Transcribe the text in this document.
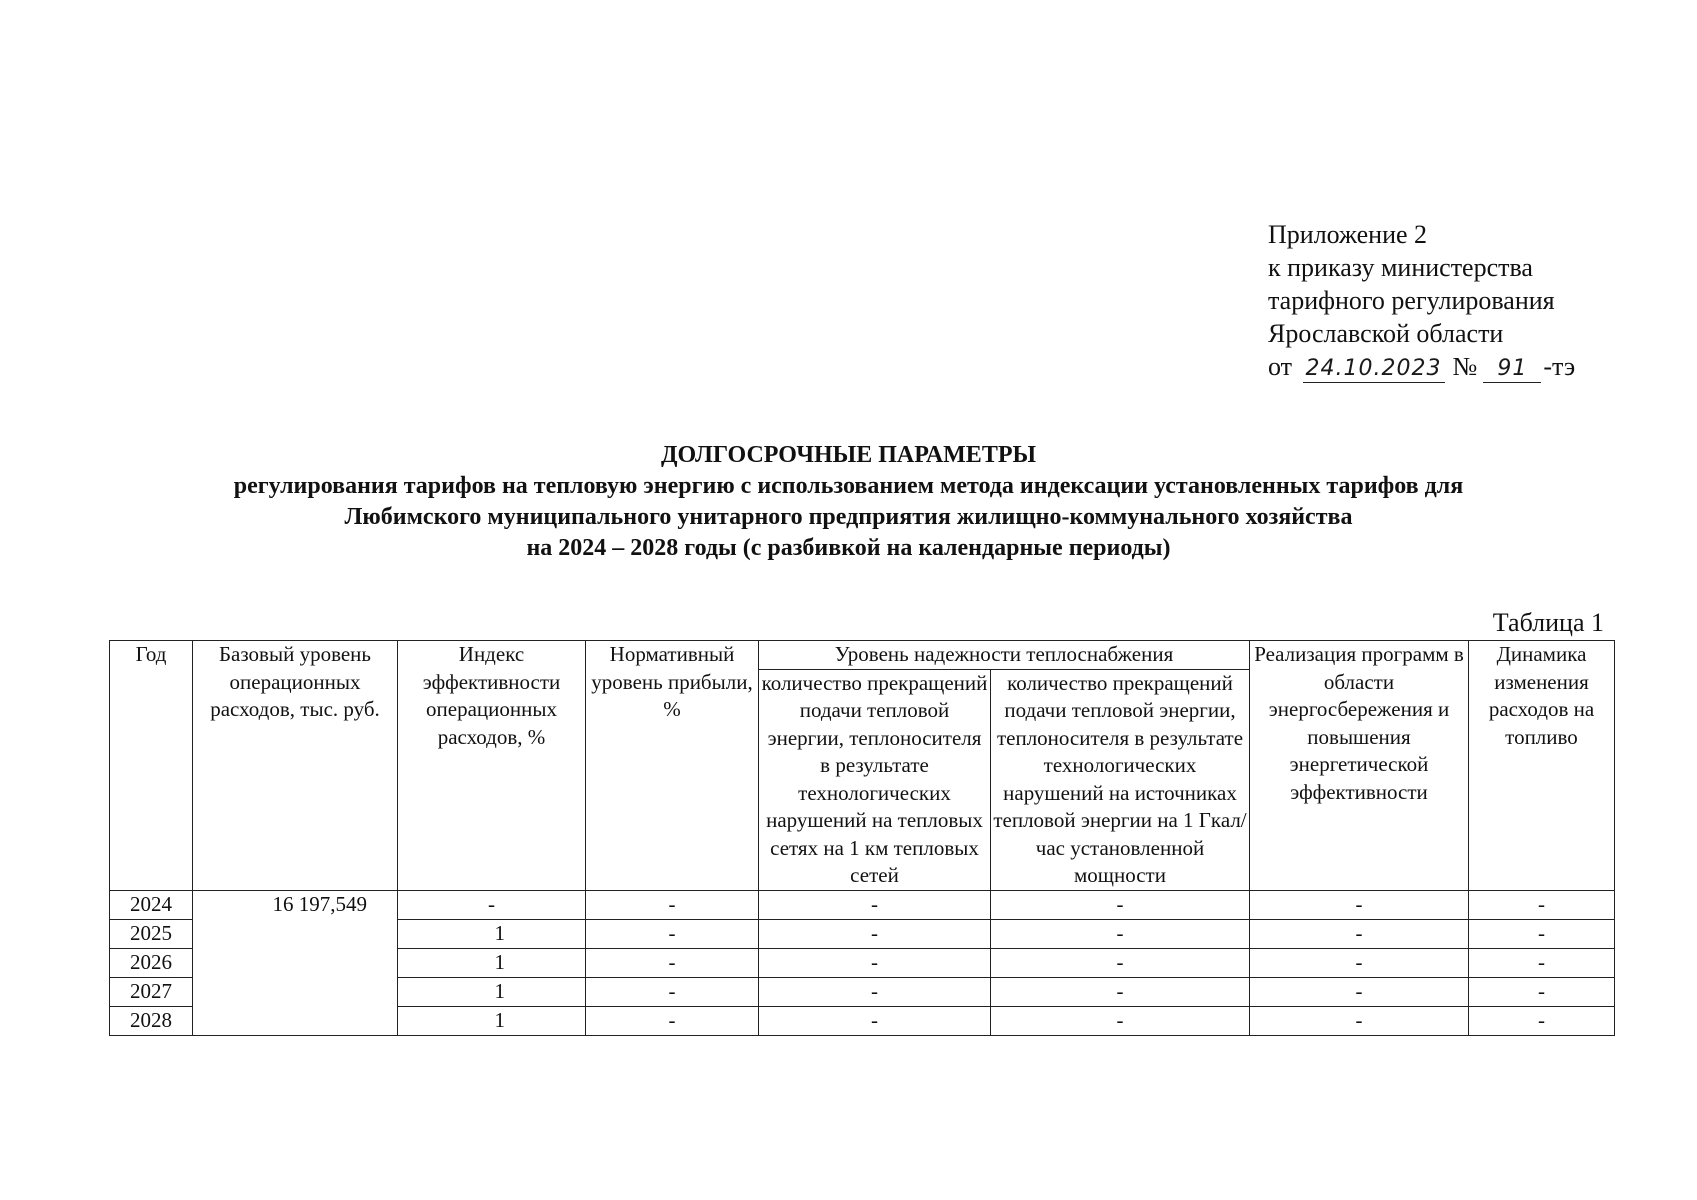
Приложение 2
к приказу министерства
тарифного регулирования
Ярославской области
от 24.10.2023 № 91 -тэ
ДОЛГОСРОЧНЫЕ ПАРАМЕТРЫ
регулирования тарифов на тепловую энергию с использованием метода индексации установленных тарифов для
Любимского муниципального унитарного предприятия жилищно-коммунального хозяйства
на 2024 – 2028 годы (с разбивкой на календарные периоды)
Таблица 1
Год	Базовый уровень операционных расходов, тыс. руб.	Индекс эффективности операционных расходов, %	Нормативный уровень прибыли, %	Уровень надежности теплоснабжения		Реализация программ в области энергосбережения и повышения энергетической эффективности	Динамика изменения расходов на топливо
				количество прекращений подачи тепловой энергии, теплоносителя в результате технологических нарушений на тепловых сетях на 1 км тепловых сетей	количество прекращений подачи тепловой энергии, теплоносителя в результате технологических нарушений на источниках тепловой энергии на 1 Гкал/час установленной мощности		
2024	16 197,549	-	-	-	-	-	-
2025		1	-	-	-	-	-
2026		1	-	-	-	-	-
2027		1	-	-	-	-	-
2028		1	-	-	-	-	-
